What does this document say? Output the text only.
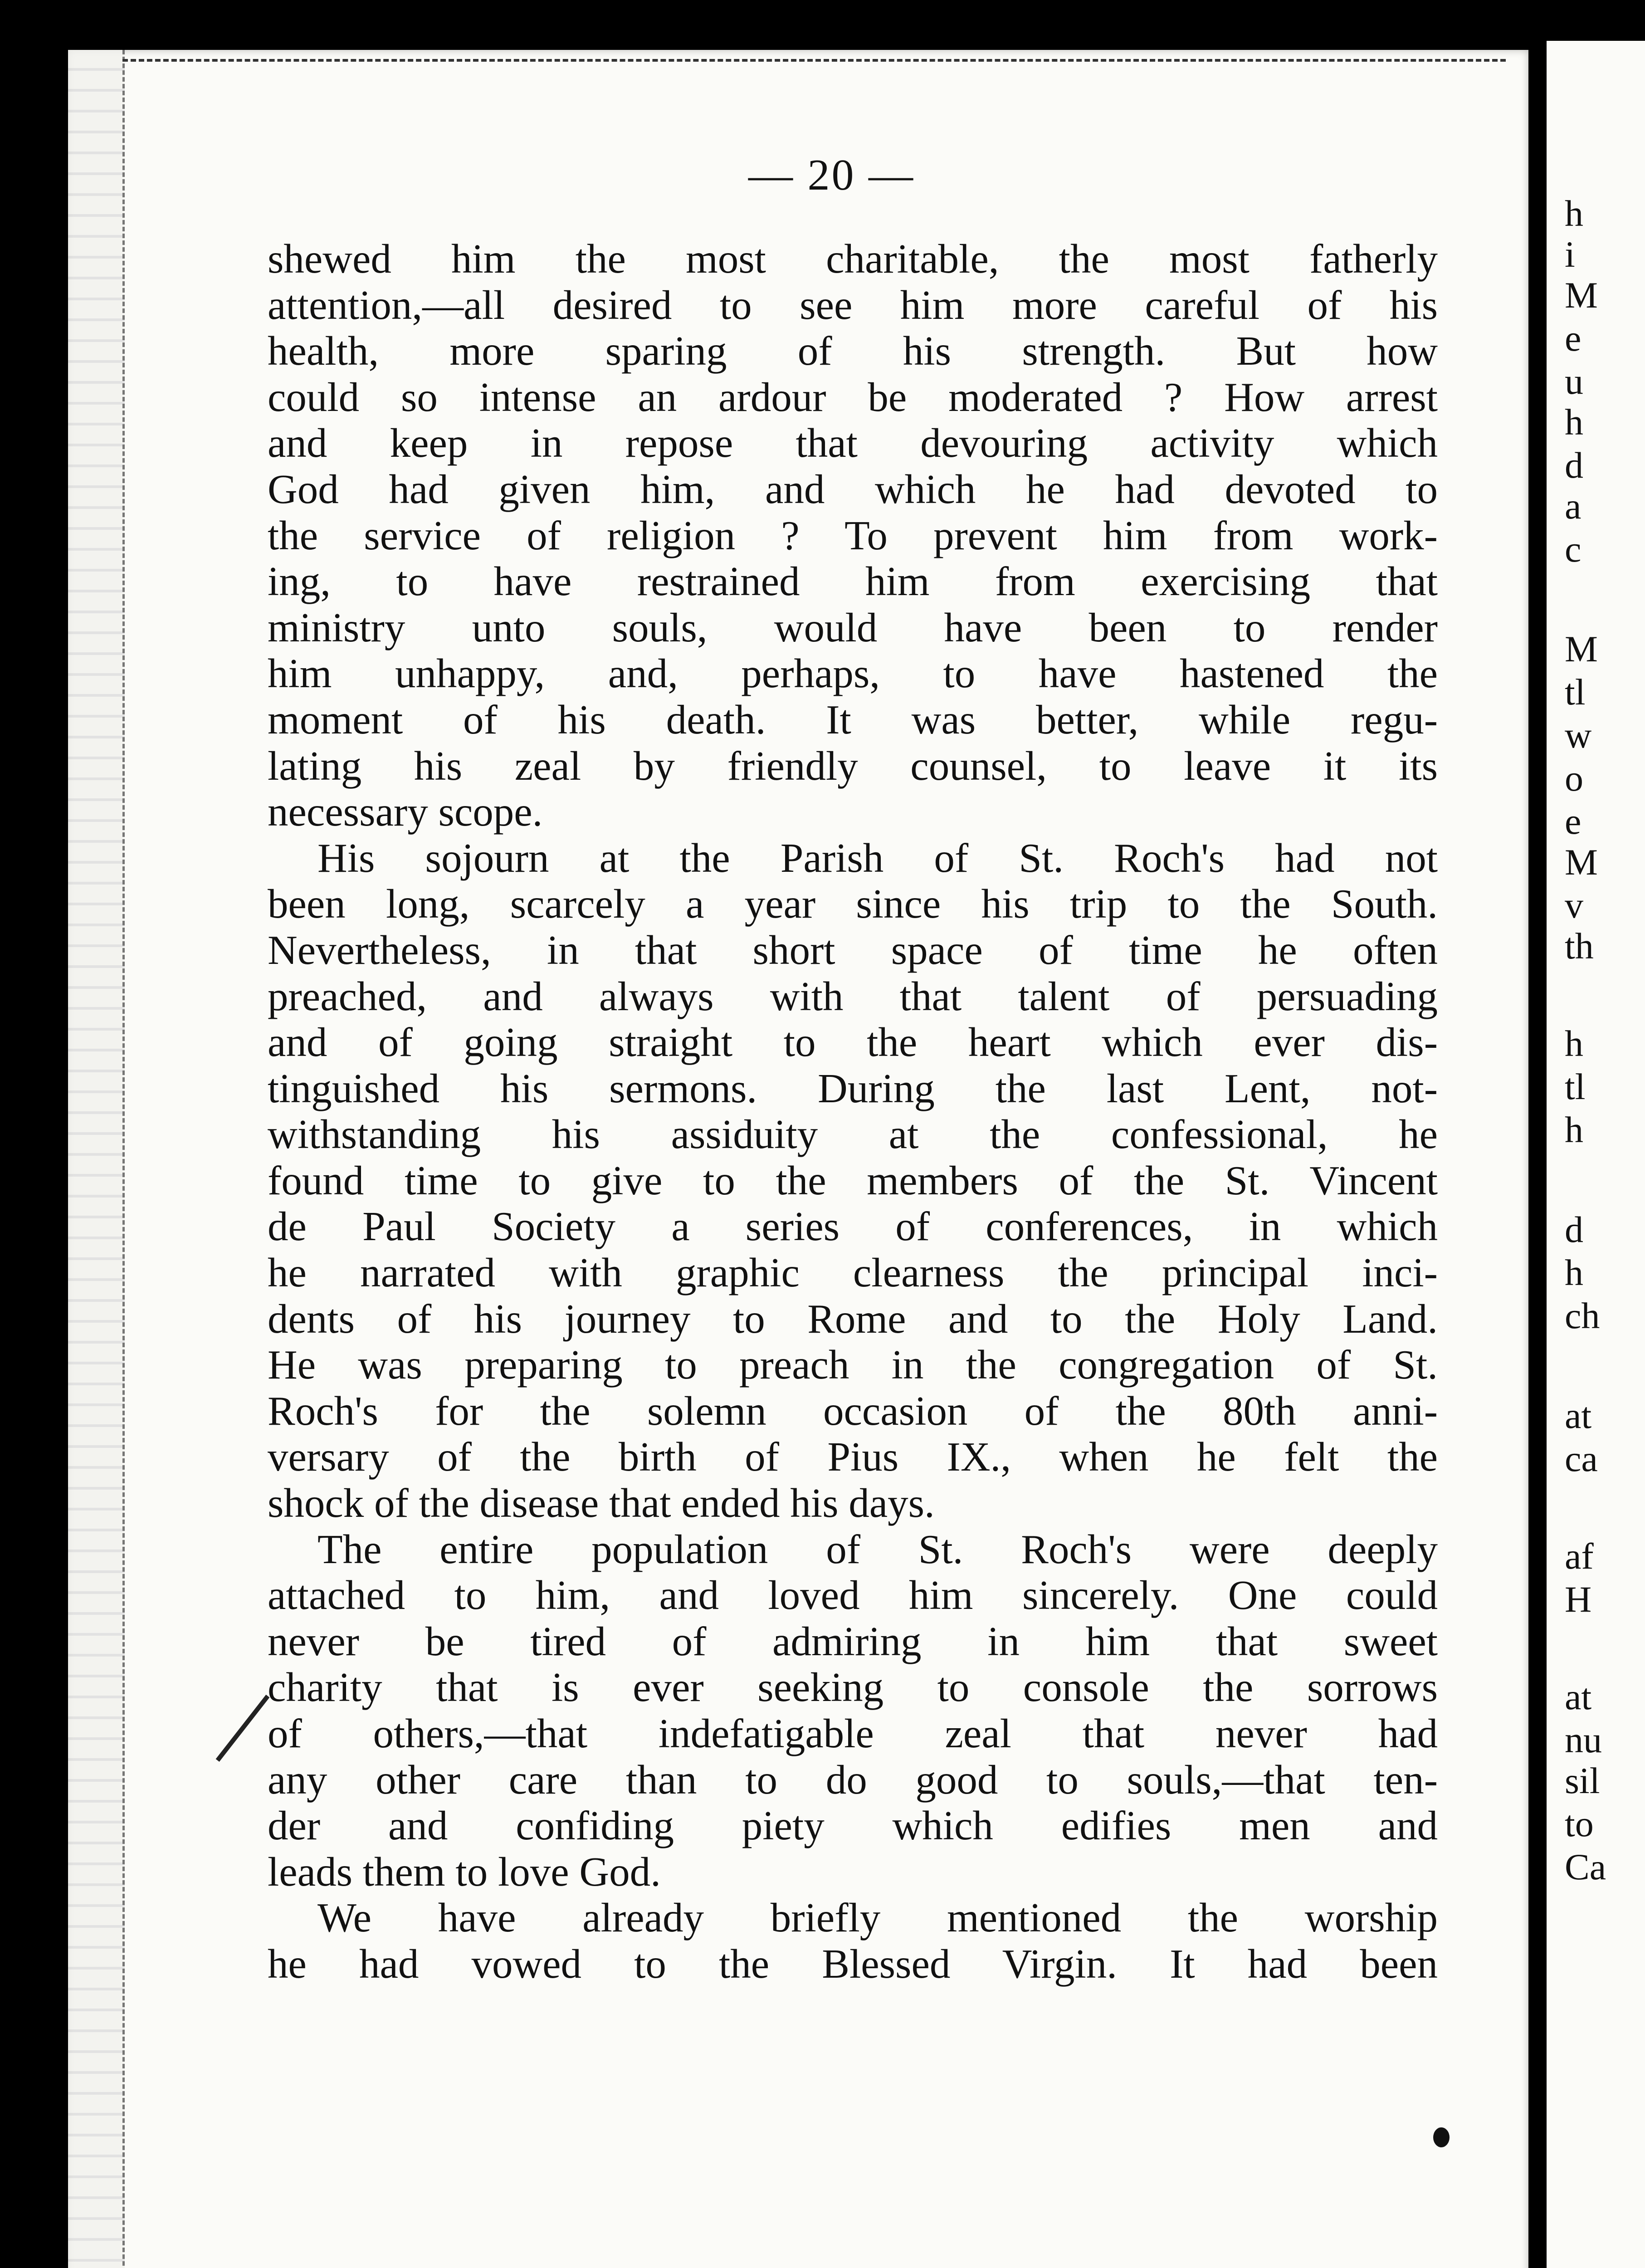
— 20 —
shewed him the most charitable, the most fatherly
attention,—all desired to see him more careful of his
health, more sparing of his strength. But how
could so intense an ardour be moderated ? How arrest
and keep in repose that devouring activity which
God had given him, and which he had devoted to
the service of religion ? To prevent him from work-
ing, to have restrained him from exercising that
ministry unto souls, would have been to render
him unhappy, and, perhaps, to have hastened the
moment of his death. It was better, while regu-
lating his zeal by friendly counsel, to leave it its
necessary scope.
His sojourn at the Parish of St. Roch's had not
been long, scarcely a year since his trip to the South.
Nevertheless, in that short space of time he often
preached, and always with that talent of persuading
and of going straight to the heart which ever dis-
tinguished his sermons. During the last Lent, not-
withstanding his assiduity at the confessional, he
found time to give to the members of the St. Vincent
de Paul Society a series of conferences, in which
he narrated with graphic clearness the principal inci-
dents of his journey to Rome and to the Holy Land.
He was preparing to preach in the congregation of St.
Roch's for the solemn occasion of the 80th anni-
versary of the birth of Pius IX., when he felt the
shock of the disease that ended his days.
The entire population of St. Roch's were deeply
attached to him, and loved him sincerely. One could
never be tired of admiring in him that sweet
charity that is ever seeking to console the sorrows
of others,—that indefatigable zeal that never had
any other care than to do good to souls,—that ten-
der and confiding piety which edifies men and
leads them to love God.
We have already briefly mentioned the worship
he had vowed to the Blessed Virgin. It had been
h
i
M
e
u
h
d
a
c
M
tl
w
o
e
M
v
th
h
tl
h
d
h
ch
at
ca
af
H
at
nu
sil
to
Ca
